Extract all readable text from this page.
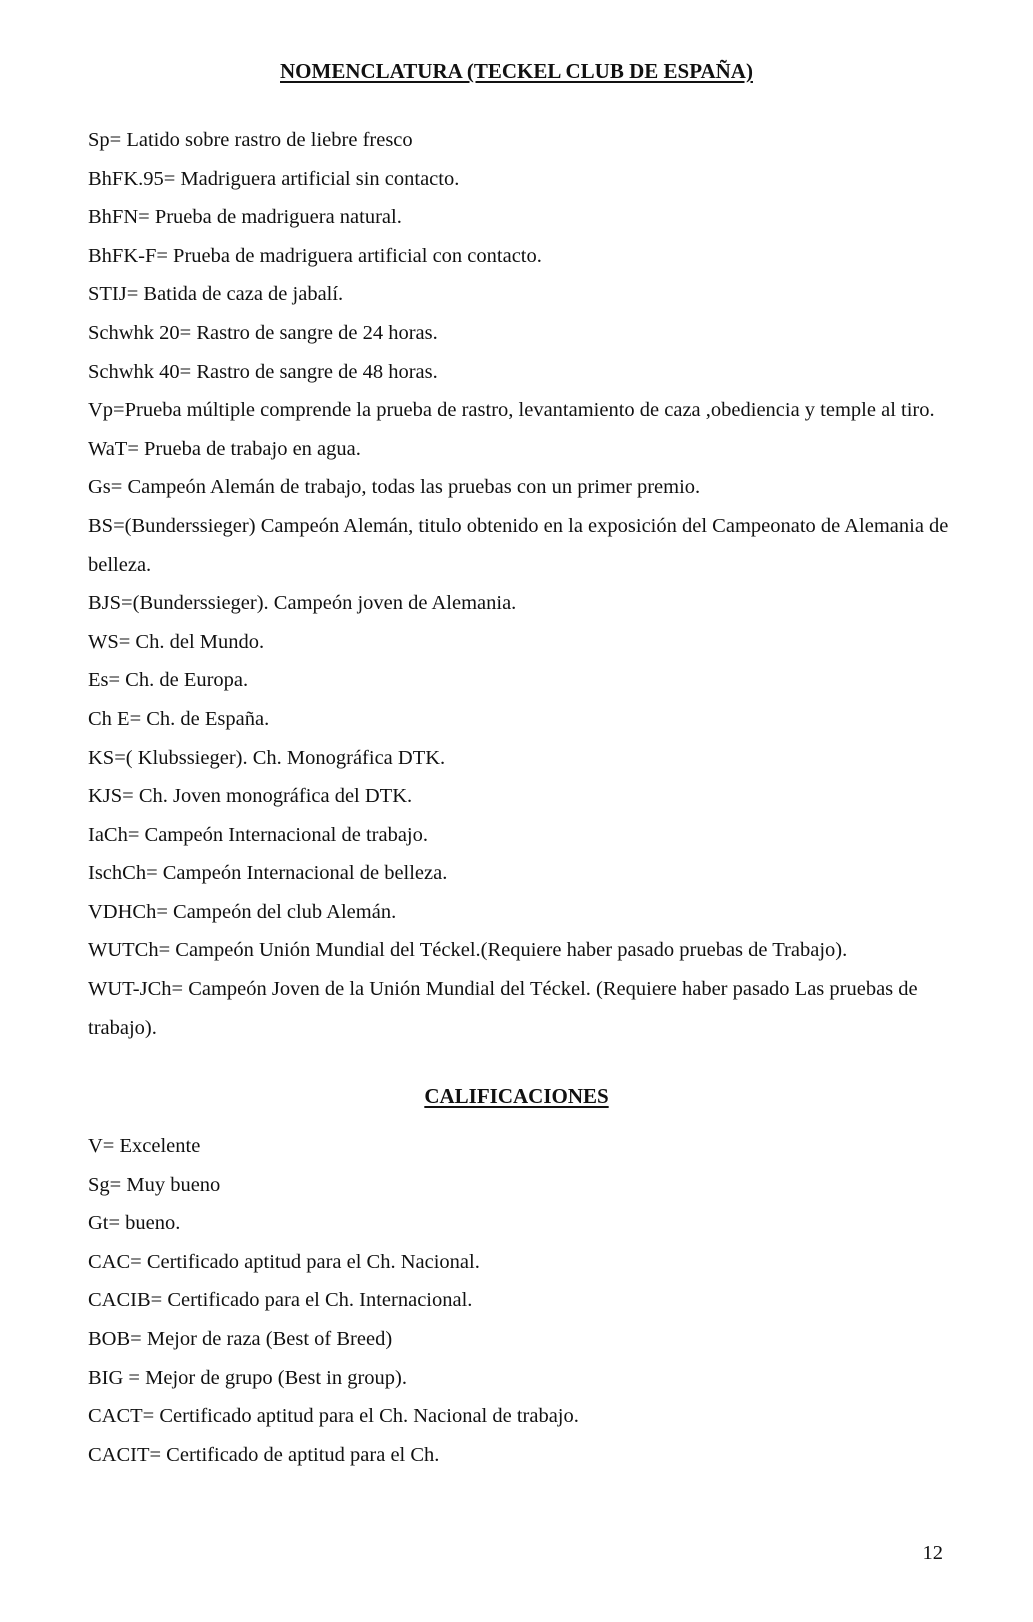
NOMENCLATURA (TECKEL CLUB DE ESPAÑA)
Sp= Latido sobre rastro de liebre fresco
BhFK.95= Madriguera artificial sin contacto.
BhFN= Prueba de madriguera natural.
BhFK-F= Prueba de madriguera artificial con contacto.
STIJ= Batida de caza de jabalí.
Schwhk 20= Rastro de sangre de 24 horas.
Schwhk 40= Rastro de sangre de 48 horas.
Vp=Prueba múltiple comprende la prueba de rastro, levantamiento de caza ,obediencia y temple al tiro.
WaT= Prueba de trabajo en agua.
Gs= Campeón Alemán de trabajo, todas las pruebas con un primer premio.
BS=(Bunderssieger) Campeón Alemán, titulo obtenido en la exposición del Campeonato de Alemania de belleza.
BJS=(Bunderssieger). Campeón joven de Alemania.
WS= Ch. del Mundo.
Es= Ch. de Europa.
Ch E= Ch. de España.
KS=( Klubssieger). Ch. Monográfica DTK.
KJS= Ch. Joven monográfica del DTK.
IaCh= Campeón Internacional de trabajo.
IschCh= Campeón Internacional de belleza.
VDHCh= Campeón del club Alemán.
WUTCh= Campeón Unión Mundial del Téckel.(Requiere haber pasado pruebas de Trabajo).
WUT-JCh= Campeón Joven de la Unión Mundial del Téckel. (Requiere haber pasado Las pruebas de trabajo).
CALIFICACIONES
V= Excelente
Sg= Muy bueno
Gt= bueno.
CAC= Certificado aptitud para el Ch. Nacional.
CACIB= Certificado para el Ch. Internacional.
BOB= Mejor de raza (Best of Breed)
BIG = Mejor de grupo (Best in group).
CACT= Certificado aptitud para el Ch. Nacional de trabajo.
CACIT= Certificado de aptitud para el Ch.
12
